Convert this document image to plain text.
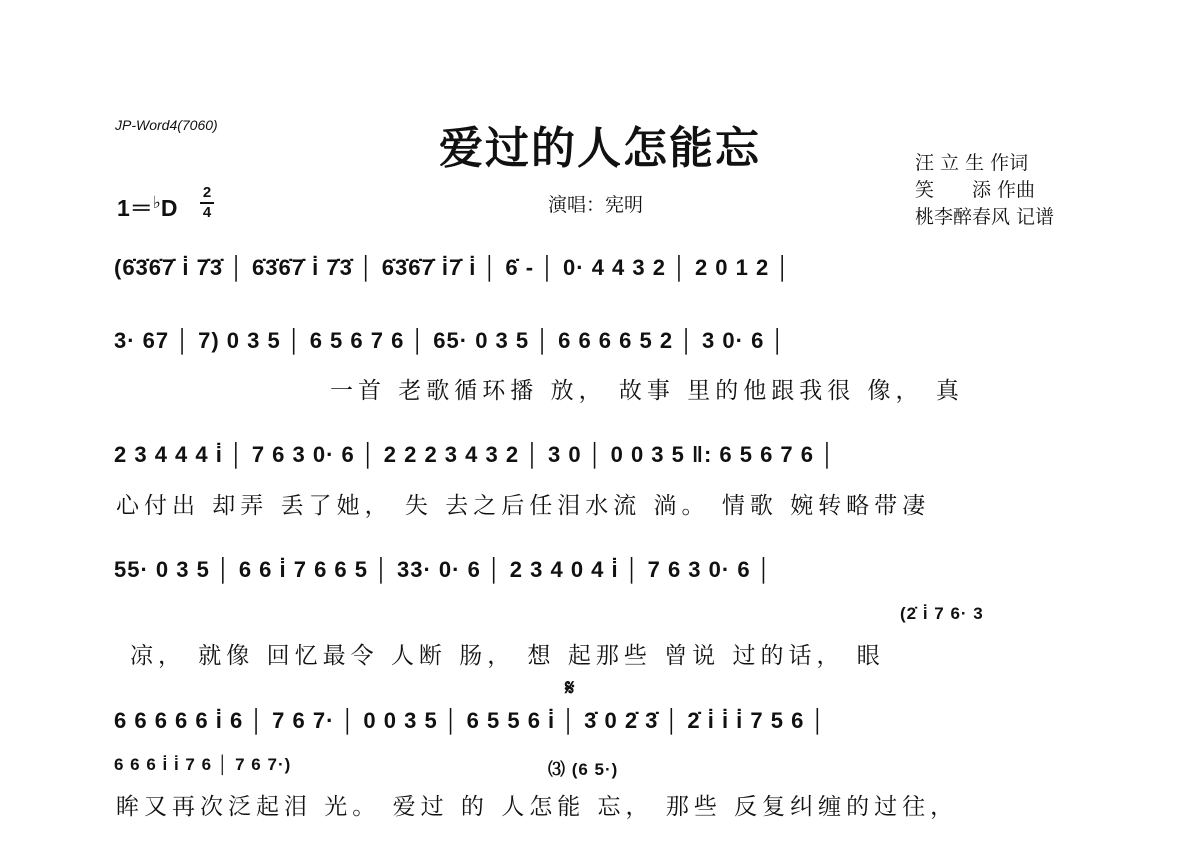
JP-Word4(7060)	爱过的人怎能忘
1＝♭D
2
4	演唱：宪明
汪 立 生 作词
笑　　添 作曲
桃李醉春风 记谱
(6̇3̇6̇7̇ i̇ 7̇3̇ │ 6̇3̇6̇7̇ i̇ 7̇3̇ │ 6̇3̇6̇7̇ i̇7̇ i̇ │ 6̇ - │ 0· 4 4 3 2 │ 2 0 1 2 │
3· 67 │ 7) 0 3 5 │ 6 5 6 7 6 │ 65· 0 3 5 │ 6 6 6 6 5 2 │ 3 0· 6 │
一首 老歌循环播 放， 故事 里的他跟我很 像， 真
2 3 4 4 4 i̇ │ 7 6 3 0· 6 │ 2 2 2 3 4 3 2 │ 3 0 │ 0 0 3 5 ‖: 6 5 6 7 6 │
心付出 却弄 丢了她， 失 去之后任泪水流 淌。 情歌 婉转略带凄
55· 0 3 5 │ 6 6 i̇ 7 6 6 5 │ 33· 0· 6 │ 2 3 4 0 4 i̇ │ 7 6 3 0· 6 │
(2̇ i̇ 7 6· 3
凉， 就像 回忆最令 人断 肠， 想 起那些 曾说 过的话， 眼
𝄋
6 6 6 6 6 i̇ 6 │ 7 6 7· │ 0 0 3 5 │ 6 5 5 6 i̇ │ 3̇ 0 2̇ 3̇ │ 2̇ i̇ i̇ i̇ 7 5 6 │
6 6 6 i̇ i̇ 7 6 │ 7 6 7·)	⑶ (6 5·)
眸又再次泛起泪 光。 爱过 的 人怎能 忘， 那些 反复纠缠的过往，
